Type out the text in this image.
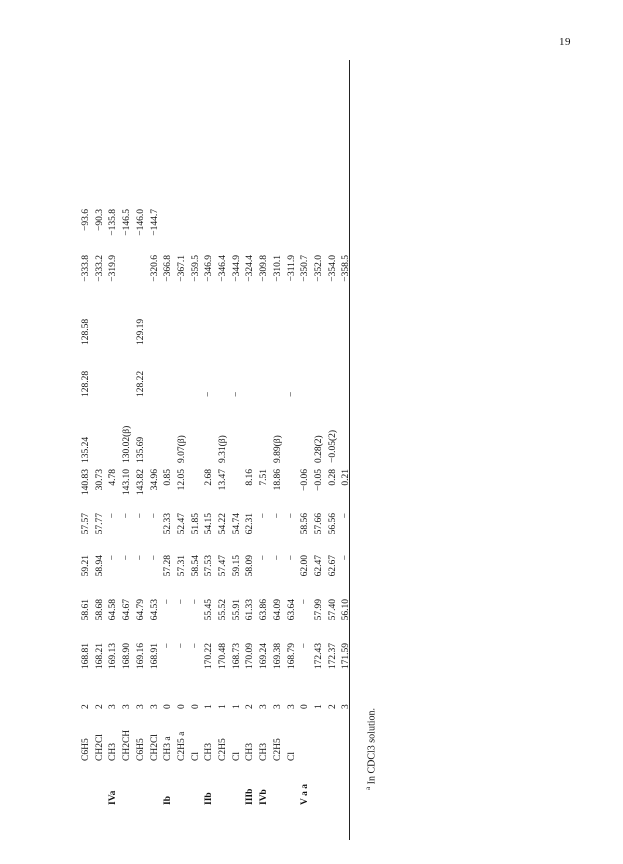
19
	C6H5	2	168.81	58.61	59.21	57.57	140.83	135.24	128.28	128.58	−333.8	−93.6
	CH2Cl	2	168.21	58.68	58.94	57.77	30.73				−333.2	−90.3
IVa	CH3	3	169.13	64.58	−	−	4.78				−319.9	−135.8
	CH2CH	3	168.90	64.67	−	−	143.10	130.02(β)				−146.5
	C6H5	3	169.16	64.79	−	−	143.82	135.69	128.22	129.19		−146.0
	CH2Cl	3	168.91	64.53	−	−	34.96				−320.6	−144.7
Ib	CH3 a	0	−	−	57.28	52.33	0.85				−366.8	
	C2H5 a	0	−	−	57.31	52.47	12.05	9.07(β)			−367.1	
	Cl	0	−	−	58.54	51.85					−359.5	
IIb	CH3	1	170.22	55.45	57.53	54.15	2.68		−		−346.9	
	C2H5	1	170.48	55.52	57.47	54.22	13.47	9.31(β)			−346.4	
	Cl	1	168.73	55.91	59.15	54.74			−		−344.9	
IIIb	CH3	2	170.09	61.33	58.09	62.31	8.16				−324.4	
IVb	CH3	3	169.24	63.86	−	−	7.51				−309.8	
	C2H5	3	169.38	64.09	−	−	18.86	9.89(β)			−310.1	
	Cl	3	168.79	63.64	−	−			−		−311.9	
V a a		0	−	−	62.00	58.56	−0.06				−350.7	
		1	172.43	57.99	62.47	57.66	−0.05	0.28(2)			−352.0	
		2	172.37	57.40	62.67	56.56	0.28	−0.05(2)			−354.0	
		3	171.59	56.10	−	−	0.21				−358.5	
$^a$ In CDCl3 solution.
